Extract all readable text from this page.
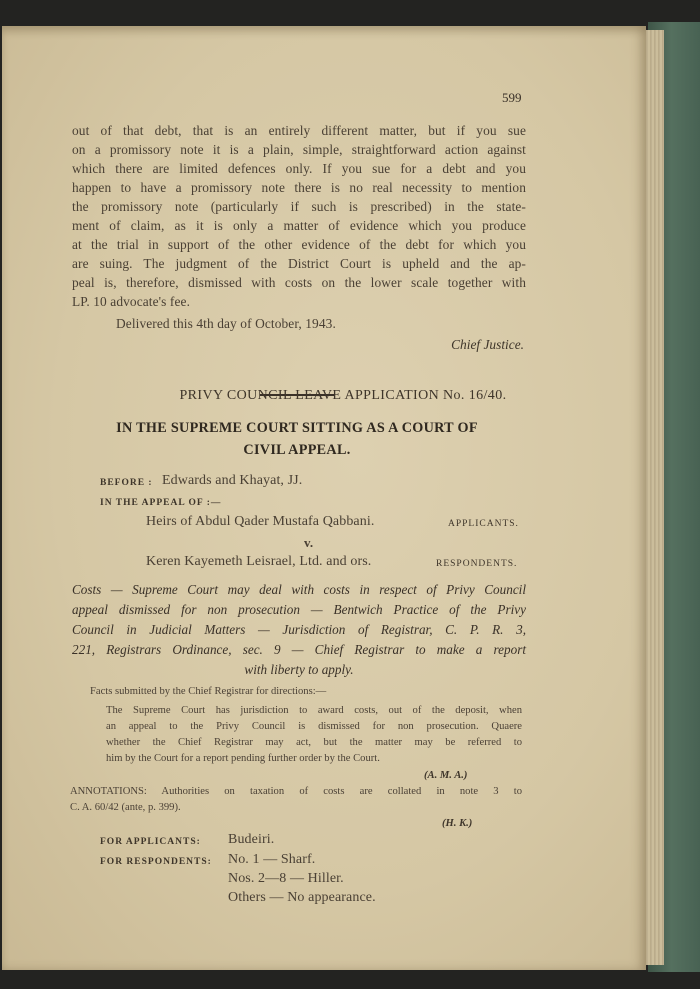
599
out of that debt, that is an entirely different matter, but if you sue
on a promissory note it is a plain, simple, straightforward action against
which there are limited defences only. If you sue for a debt and you
happen to have a promissory note there is no real necessity to mention
the promissory note (particularly if such is prescribed) in the state-
ment of claim, as it is only a matter of evidence which you produce
at the trial in support of the other evidence of the debt for which you
are suing. The judgment of the District Court is upheld and the ap-
peal is, therefore, dismissed with costs on the lower scale together with
LP. 10 advocate's fee.
Delivered this 4th day of October, 1943.
Chief Justice.
PRIVY COUNCIL LEAVE APPLICATION No. 16/40.
IN THE SUPREME COURT SITTING AS A COURT OF
CIVIL APPEAL.
BEFORE : Edwards and Khayat, JJ.
IN THE APPEAL OF :—
Heirs of Abdul Qader Mustafa Qabbani.	APPLICANTS.
v.
Keren Kayemeth Leisrael, Ltd. and ors.	RESPONDENTS.
Costs — Supreme Court may deal with costs in respect of Privy Council
appeal dismissed for non prosecution — Bentwich Practice of the Privy
Council in Judicial Matters — Jurisdiction of Registrar, C. P. R. 3,
221, Registrars Ordinance, sec. 9 — Chief Registrar to make a report
with liberty to apply.
Facts submitted by the Chief Registrar for directions:—
The Supreme Court has jurisdiction to award costs, out of the deposit, when
an appeal to the Privy Council is dismissed for non prosecution. Quaere
whether the Chief Registrar may act, but the matter may be referred to
him by the Court for a report pending further order by the Court.
(A. M. A.)
ANNOTATIONS: Authorities on taxation of costs are collated in note 3 to
C. A. 60/42 (ante, p. 399).
(H. K.)
FOR APPLICANTS: Budeiri.
FOR RESPONDENTS: No. 1 — Sharf.
Nos. 2—8 — Hiller.
Others — No appearance.
